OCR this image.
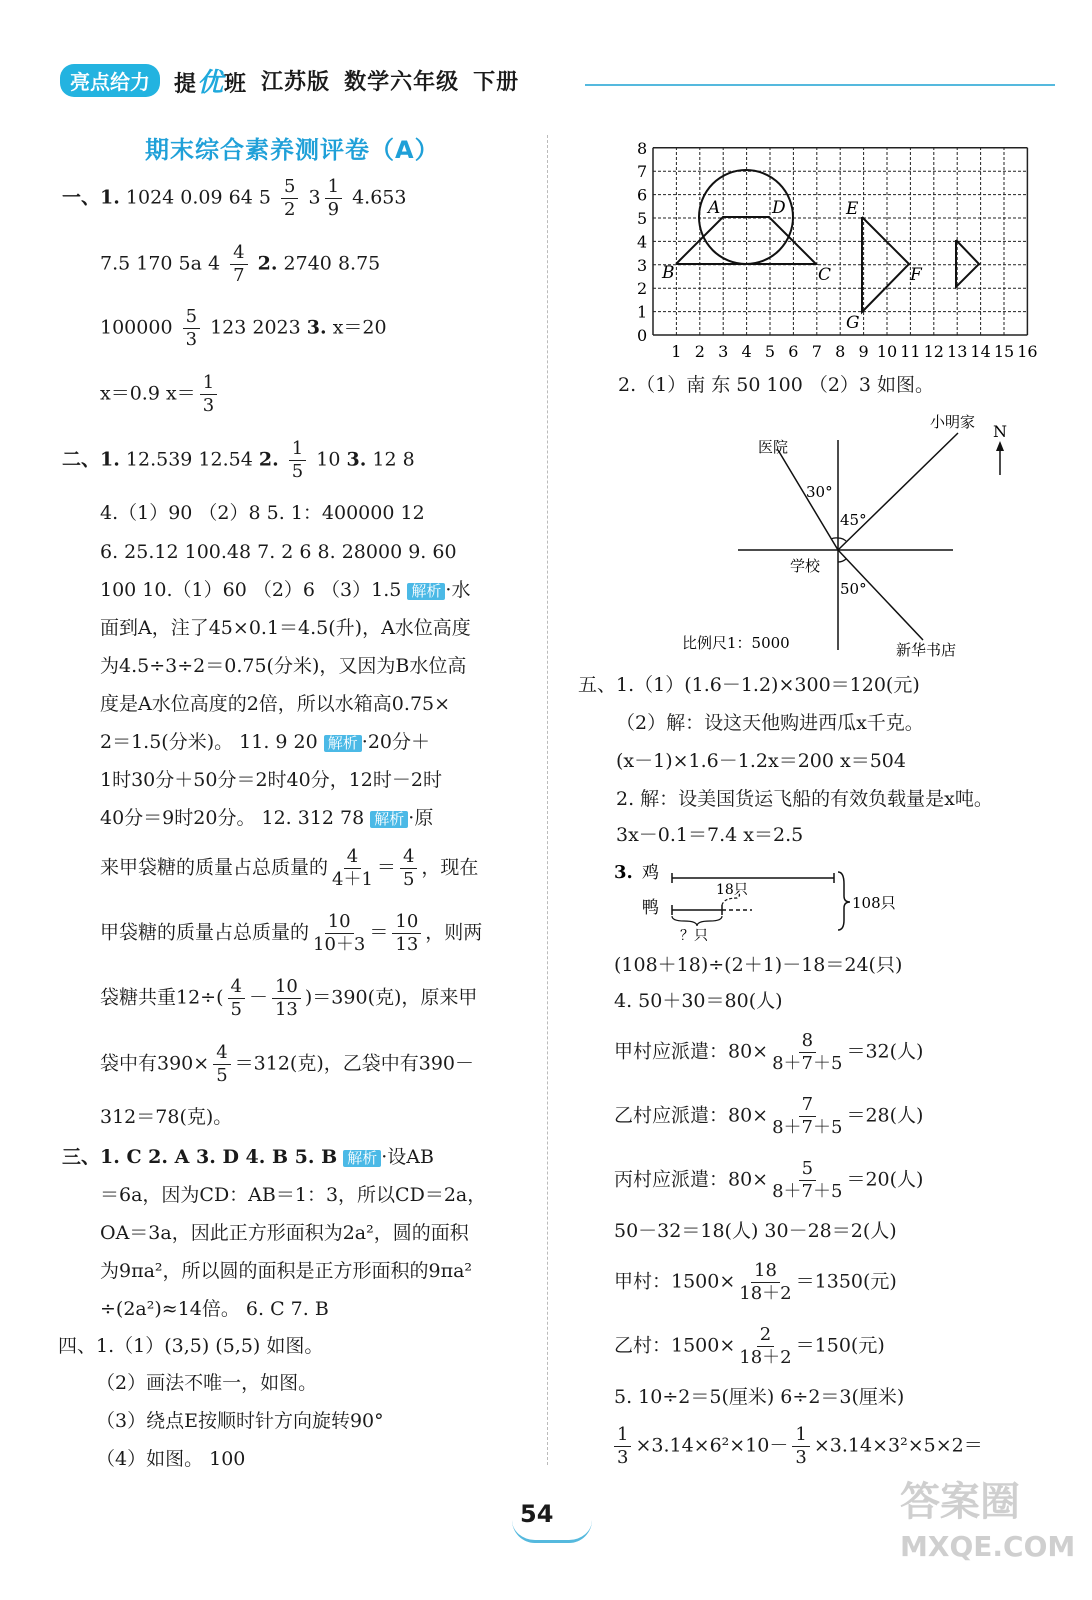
亮点给力	提优班 江苏版 数学六年级 下册
期末综合素养测评卷（A）
一、1. 1024 0.09 64 $5 \frac{5}{2} 3 \frac{1}{9} 4.653$
7.5 170 5a $4 \frac{4}{7} 2$. 2740 8.75
$100000 \frac{5}{3} 123$ 2023 3. x＝20
x＝0.9 $x= \frac{1}{3}$
二、1. 12.539 12.54 2. $\frac{1}{5} 10$ 3. 12 8
4.（1）90 （2）8 5. 1：400000 12
6. 25.12 100.48 7. 2 6 8. 28000 9. 60
100 10.（1）60 （2）6 （3）1.5 解析 ·水
面到A，注了45×0.1＝4.5(升)，A水位高度
为4.5÷3÷2＝0.75(分米)，又因为B水位高
度是A水位高度的2倍，所以水箱高0.75×
2＝1.5(分米)。 11. 9 20 解析 ·20分＋
1时30分＋50分＝2时40分，12时－2时
40分＝9时20分。 12. 312 78 解析 ·原
来甲袋糖的质量占总质量的 $\frac{4}{4+1} = \frac{4}{5}$ ，现在
甲袋糖的质量占总质量的 $\frac{10}{10+3} = \frac{10}{13}$ ，则两
袋糖共重$12\div( \frac{4}{5} - \frac{10}{13} )=390$(克)，原来甲
袋中有$390\times \frac{4}{5} =312$(克)，乙袋中有390－
312＝78(克)。
三、1. C 2. A 3. D 4. B 5. B 解析 ·设AB
＝6a，因为CD：AB＝1：3，所以CD＝2a，
OA＝3a，因此正方形面积为2a²，圆的面积
为9πa²，所以圆的面积是正方形面积的9πa²
÷(2a²)≈14倍。 6. C 7. B
四、1.（1）(3,5) (5,5) 如图。
（2）画法不唯一，如图。
（3）绕点E按顺时针方向旋转90°
（4）如图。 100
0
1
2
3
4
5
6
7
8
1 2 3 4 5 6 7 8 9 10 11 12 13 14 15 16
A	D
B	C
E
F
G
2.（1）南 东 50 100 （2）3 如图。
N
小明家
医院
30°
45°
学校
50°
比例尺1：5000	新华书店
五、1.（1）(1.6－1.2)×300＝120(元)
（2）解：设这天他购进西瓜x千克。
(x－1)×1.6－1.2x＝200 x＝504
2. 解：设美国货运飞船的有效负载量是x吨。
3x－0.1＝7.4 x＝2.5
3. 鸡
鸭
18只
？只
108只
(108＋18)÷(2＋1)－18＝24(只)
4. 50＋30＝80(人)
甲村应派遣：$80\times \frac{8}{8+7+5} =32$(人)
乙村应派遣：$80\times \frac{7}{8+7+5} =28$(人)
丙村应派遣：$80\times \frac{5}{8+7+5} =20$(人)
50－32＝18(人) 30－28＝2(人)
甲村：$1500\times \frac{18}{18+2} =1350$(元)
乙村：$1500\times \frac{2}{18+2} =150$(元)
5. 10÷2＝5(厘米) 6÷2＝3(厘米)
$\frac{1}{3} \times 3.14\times 6^2\times 10- \frac{1}{3} \times 3.14\times 3^2\times 5\times 2=$
54	答案圈
MXQE.COM
